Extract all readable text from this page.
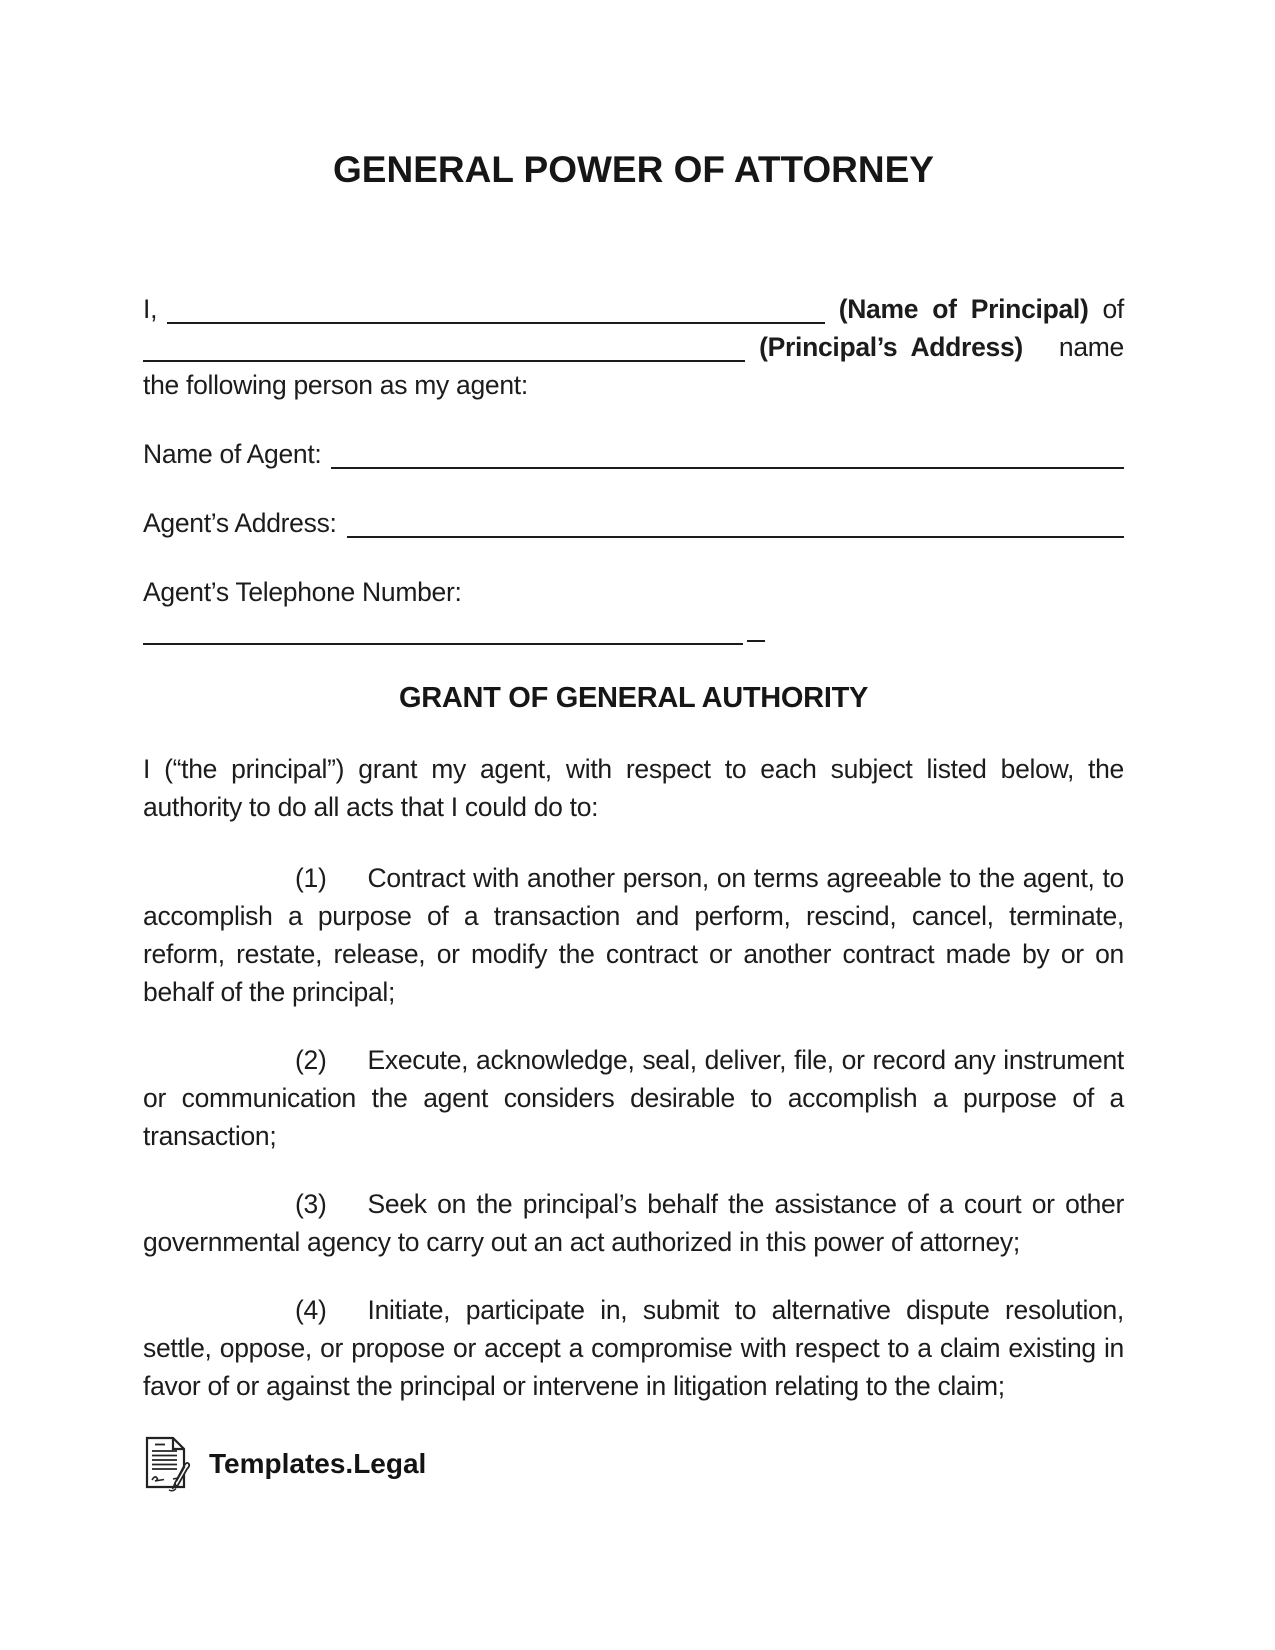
GENERAL POWER OF ATTORNEY
I,	(Name of Principal) of
(Principal’s Address) name

the following person as my agent:

Name of Agent:
Agent’s Address:

Agent’s Telephone Number:

GRANT OF GENERAL AUTHORITY

I (“the principal”) grant my agent, with respect to each subject listed below, the authority to do all acts that I could do to:

(1) Contract with another person, on terms agreeable to the agent, to accomplish a purpose of a transaction and perform, rescind, cancel, terminate, reform, restate, release, or modify the contract or another contract made by or on behalf of the principal;

(2) Execute, acknowledge, seal, deliver, file, or record any instrument or communication the agent considers desirable to accomplish a purpose of a transaction;

(3) Seek on the principal’s behalf the assistance of a court or other governmental agency to carry out an act authorized in this power of attorney;

(4) Initiate, participate in, submit to alternative dispute resolution, settle, oppose, or propose or accept a compromise with respect to a claim existing in favor of or against the principal or intervene in litigation relating to the claim;

Templates.Legal
